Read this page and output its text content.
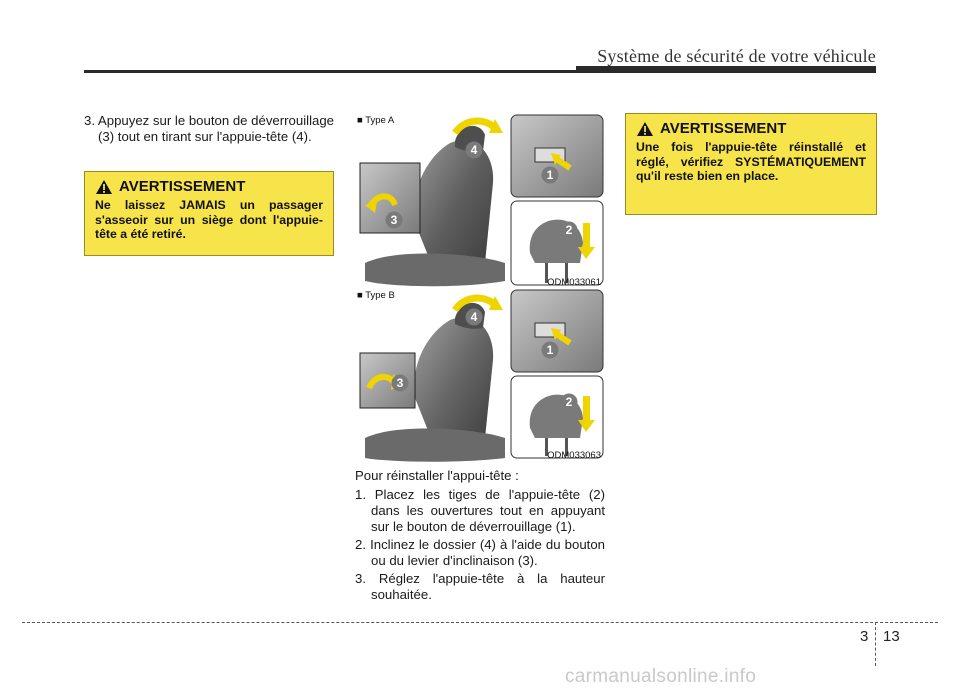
Système de sécurité de votre véhicule

3. Appuyez sur le bouton de déverrouillage (3) tout en tirant sur l'appuie-tête (4).

AVERTISSEMENT

Ne laissez JAMAIS un passager s'asseoir sur un siège dont l'appuie-tête a été retiré.

4
3
1
2
■ Type A
ODM033061
4
3
1
2
■ Type B
ODM033063

Pour réinstaller l'appui-tête :

1. Placez les tiges de l'appuie-tête (2) dans les ouvertures tout en appuyant sur le bouton de déverrouillage (1).

2. Inclinez le dossier (4) à l'aide du bouton ou du levier d'inclinaison (3).

3. Réglez l'appuie-tête à la hauteur souhaitée.

AVERTISSEMENT

Une fois l'appuie-tête réinstallé et réglé, vérifiez SYSTÉMATIQUEMENT qu'il reste bien en place.

3 13
carmanualsonline.info
